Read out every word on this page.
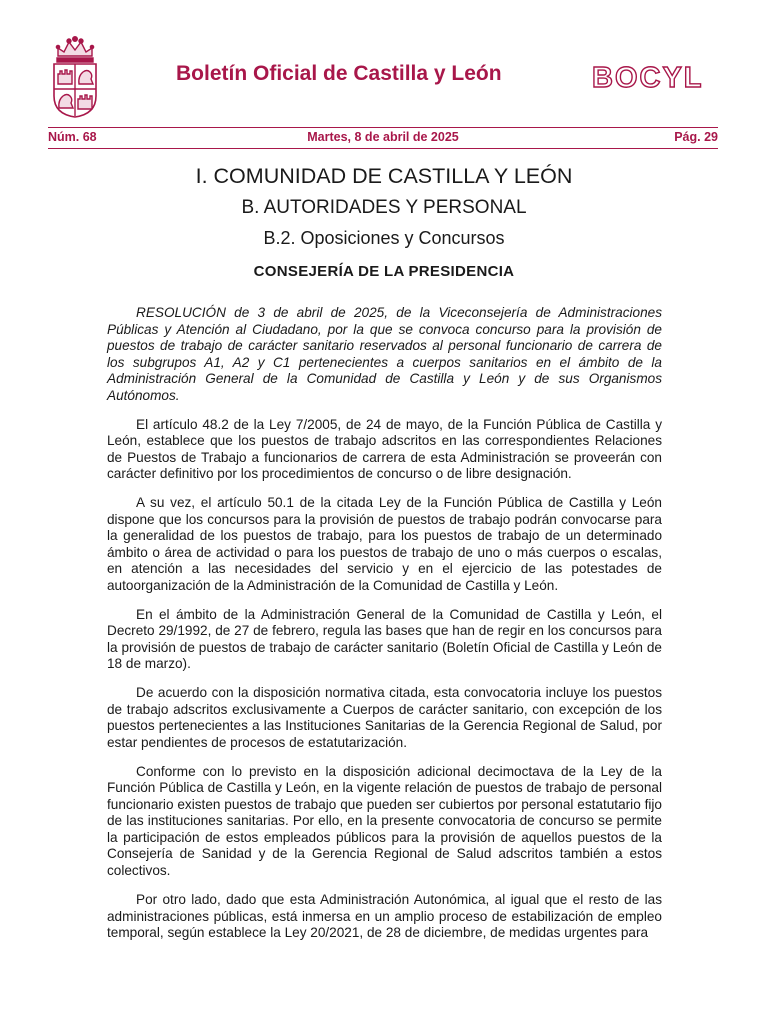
Boletín Oficial de Castilla y León	BOCYL
Martes, 8 de abril de 2025
Núm. 68	Pág. 29
I. COMUNIDAD DE CASTILLA Y LEÓN
B. AUTORIDADES Y PERSONAL
B.2. Oposiciones y Concursos
CONSEJERÍA DE LA PRESIDENCIA

RESOLUCIÓN de 3 de abril de 2025, de la Viceconsejería de Administraciones Públicas y Atención al Ciudadano, por la que se convoca concurso para la provisión de puestos de trabajo de carácter sanitario reservados al personal funcionario de carrera de los subgrupos A1, A2 y C1 pertenecientes a cuerpos sanitarios en el ámbito de la Administración General de la Comunidad de Castilla y León y de sus Organismos Autónomos.

El artículo 48.2 de la Ley 7/2005, de 24 de mayo, de la Función Pública de Castilla y León, establece que los puestos de trabajo adscritos en las correspondientes Relaciones de Puestos de Trabajo a funcionarios de carrera de esta Administración se proveerán con carácter definitivo por los procedimientos de concurso o de libre designación.

A su vez, el artículo 50.1 de la citada Ley de la Función Pública de Castilla y León dispone que los concursos para la provisión de puestos de trabajo podrán convocarse para la generalidad de los puestos de trabajo, para los puestos de trabajo de un determinado ámbito o área de actividad o para los puestos de trabajo de uno o más cuerpos o escalas, en atención a las necesidades del servicio y en el ejercicio de las potestades de autoorganización de la Administración de la Comunidad de Castilla y León.

En el ámbito de la Administración General de la Comunidad de Castilla y León, el Decreto 29/1992, de 27 de febrero, regula las bases que han de regir en los concursos para la provisión de puestos de trabajo de carácter sanitario (Boletín Oficial de Castilla y León de 18 de marzo).

De acuerdo con la disposición normativa citada, esta convocatoria incluye los puestos de trabajo adscritos exclusivamente a Cuerpos de carácter sanitario, con excepción de los puestos pertenecientes a las Instituciones Sanitarias de la Gerencia Regional de Salud, por estar pendientes de procesos de estatutarización.

Conforme con lo previsto en la disposición adicional decimoctava de la Ley de la Función Pública de Castilla y León, en la vigente relación de puestos de trabajo de personal funcionario existen puestos de trabajo que pueden ser cubiertos por personal estatutario fijo de las instituciones sanitarias. Por ello, en la presente convocatoria de concurso se permite la participación de estos empleados públicos para la provisión de aquellos puestos de la Consejería de Sanidad y de la Gerencia Regional de Salud adscritos también a estos colectivos.

Por otro lado, dado que esta Administración Autonómica, al igual que el resto de las administraciones públicas, está inmersa en un amplio proceso de estabilización de empleo temporal, según establece la Ley 20/2021, de 28 de diciembre, de medidas urgentes para
